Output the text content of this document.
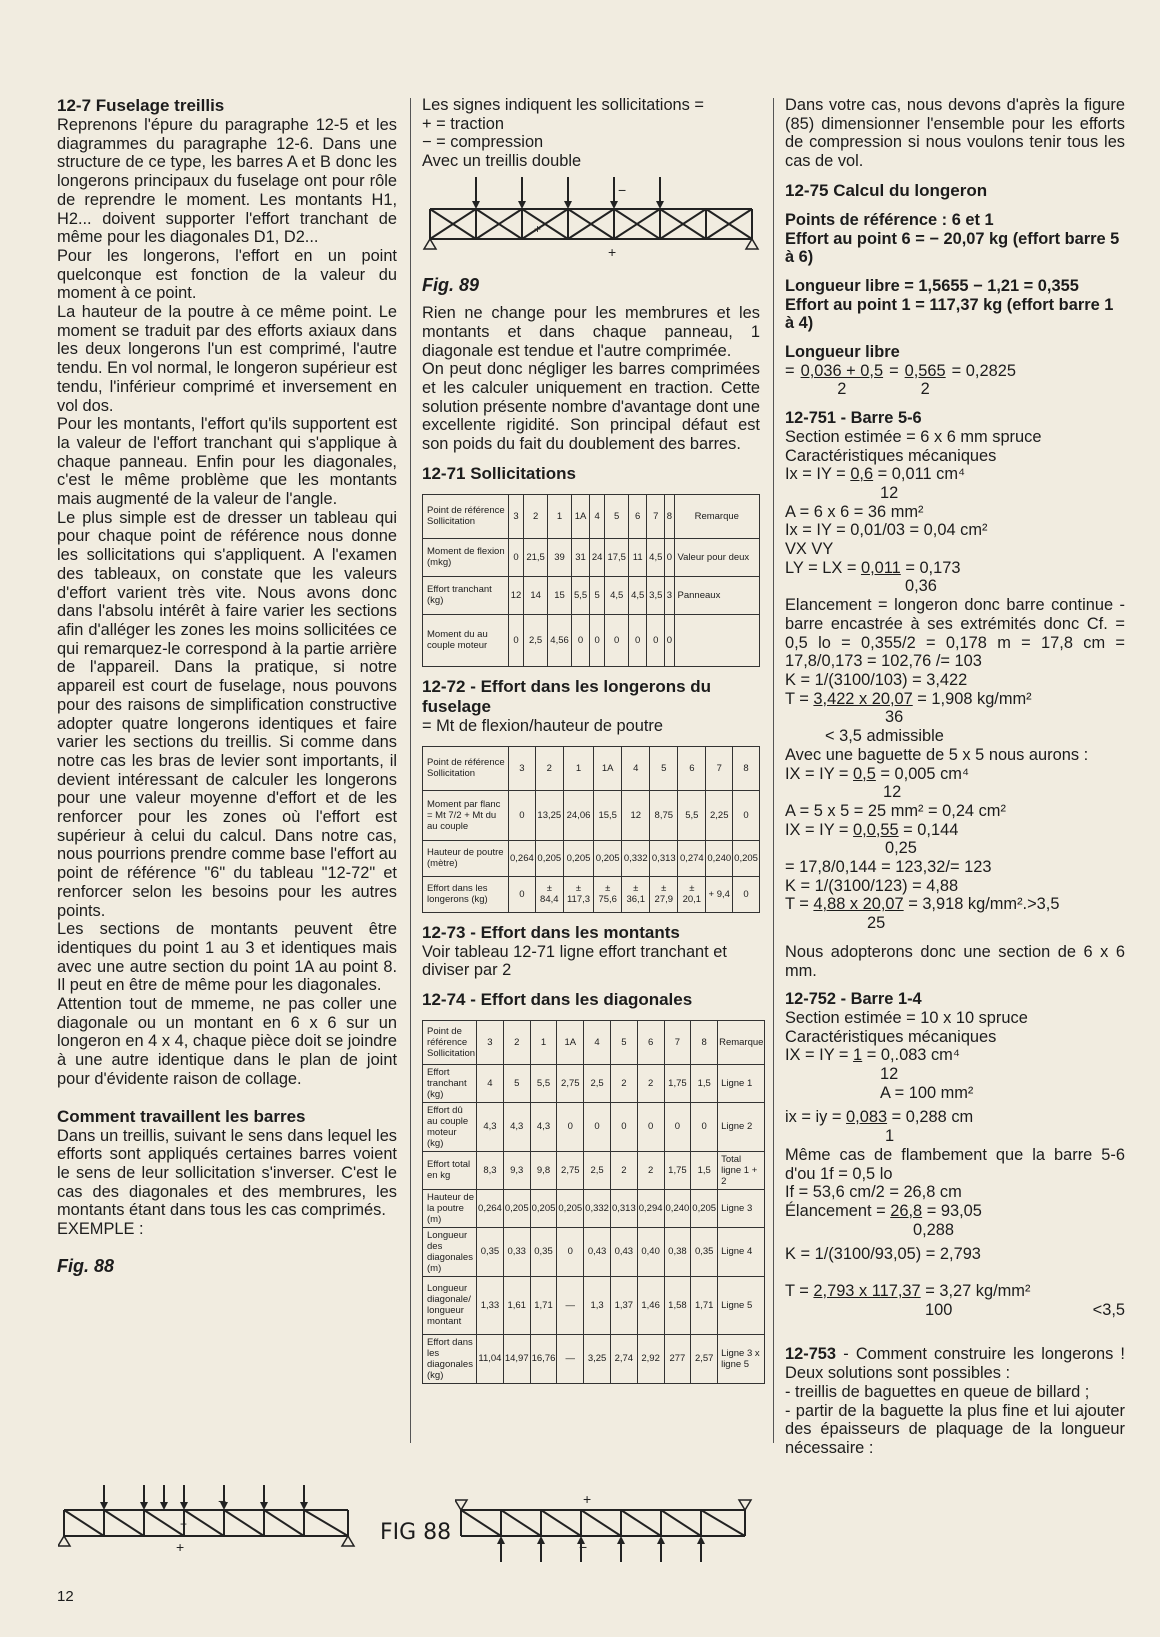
12-7 Fuselage treillis
Reprenons l'épure du paragraphe 12-5 et les diagrammes du paragraphe 12-6. Dans une structure de ce type, les barres A et B donc les longerons principaux du fuselage ont pour rôle de reprendre le moment. Les montants H1, H2... doivent supporter l'effort tranchant de même pour les diagonales D1, D2...
Pour les longerons, l'effort en un point quelconque est fonction de la valeur du moment à ce point.
La hauteur de la poutre à ce même point. Le moment se traduit par des efforts axiaux dans les deux longerons l'un est comprimé, l'autre tendu. En vol normal, le longeron supérieur est tendu, l'inférieur comprimé et inversement en vol dos.
Pour les montants, l'effort qu'ils supportent est la valeur de l'effort tranchant qui s'applique à chaque panneau. Enfin pour les diagonales, c'est le même problème que les montants mais augmenté de la valeur de l'angle.
Le plus simple est de dresser un tableau qui pour chaque point de référence nous donne les sollicitations qui s'appliquent. A l'examen des tableaux, on constate que les valeurs d'effort varient très vite. Nous avons donc dans l'absolu intérêt à faire varier les sections afin d'alléger les zones les moins sollicitées ce qui remarquez-le correspond à la partie arrière de l'appareil. Dans la pratique, si notre appareil est court de fuselage, nous pouvons pour des raisons de simplification constructive adopter quatre longerons identiques et faire varier les sections du treillis. Si comme dans notre cas les bras de levier sont importants, il devient intéressant de calculer les longerons pour une valeur moyenne d'effort et de les renforcer pour les zones où l'effort est supérieur à celui du calcul. Dans notre cas, nous pourrions prendre comme base l'effort au point de référence "6" du tableau "12-72" et renforcer selon les besoins pour les autres points.
Les sections de montants peuvent être identiques du point 1 au 3 et identiques mais avec une autre section du point 1A au point 8. Il peut en être de même pour les diagonales.
Attention tout de mmeme, ne pas coller une diagonale ou un montant en 6 x 6 sur un longeron en 4 x 4, chaque pièce doit se joindre à une autre identique dans le plan de joint pour d'évidente raison de collage.
Comment travaillent les barres
Dans un treillis, suivant le sens dans lequel les efforts sont appliqués certaines barres voient le sens de leur sollicitation s'inverser. C'est le cas des diagonales et des membrures, les montants étant dans tous les cas comprimés.
EXEMPLE :
Fig. 88
+
−
+	FIG 88
+
−
Les signes indiquent les sollicitations =
+ = traction
− = compression
Avec un treillis double
+
−
+
Fig. 89
Rien ne change pour les membrures et les montants et dans chaque panneau, 1 diagonale est tendue et l'autre comprimée.
On peut donc négliger les barres comprimées et les calculer uniquement en traction. Cette solution présente nombre d'avantage dont une excellente rigidité. Son principal défaut est son poids du fait du doublement des barres.
12-71 Sollicitations
Point de référence Sollicitation	3	2	1	1A	4	5	6	7	8	Remarque
Moment de flexion (mkg)	0	21,5	39	31	24	17,5	11	4,5	0	Valeur pour deux
Effort tranchant (kg)	12	14	15	5,5	5	4,5	4,5	3,5	3	Panneaux
Moment du au couple moteur	0	2,5	4,56	0	0	0	0	0	0	
12-72 - Effort dans les longerons du fuselage
= Mt de flexion/hauteur de poutre
Point de référence Sollicitation	3	2	1	1A	4	5	6	7	8
Moment par flanc = Mt 7/2 + Mt du au couple	0	13,25	24,06	15,5	12	8,75	5,5	2,25	0
Hauteur de poutre (mètre)	0,264	0,205	0,205	0,205	0,332	0,313	0,274	0,240	0,205
Effort dans les longerons (kg)	0	± 84,4	± 117,3	± 75,6	± 36,1	± 27,9	± 20,1	+ 9,4	0
12-73 - Effort dans les montants
Voir tableau 12-71 ligne effort tranchant et diviser par 2
12-74 - Effort dans les diagonales
Point de référence Sollicitation	3	2	1	1A	4	5	6	7	8	Remarque
Effort tranchant (kg)	4	5	5,5	2,75	2,5	2	2	1,75	1,5	Ligne 1
Effort dû au couple moteur (kg)	4,3	4,3	4,3	0	0	0	0	0	0	Ligne 2
Effort total en kg	8,3	9,3	9,8	2,75	2,5	2	2	1,75	1,5	Total ligne 1 + 2
Hauteur de la poutre (m)	0,264	0,205	0,205	0,205	0,332	0,313	0,294	0,240	0,205	Ligne 3
Longueur des diagonales (m)	0,35	0,33	0,35	0	0,43	0,43	0,40	0,38	0,35	Ligne 4
Longueur diagonale/ longueur montant	1,33	1,61	1,71	—	1,3	1,37	1,46	1,58	1,71	Ligne 5
Effort dans les diagonales (kg)	11,04	14,97	16,76	—	3,25	2,74	2,92	277	2,57	Ligne 3 x ligne 5
Dans votre cas, nous devons d'après la figure (85) dimensionner l'ensemble pour les efforts de compression si nous voulons tenir tous les cas de vol.
12-75 Calcul du longeron
Points de référence : 6 et 1
Effort au point 6 = − 20,07 kg (effort barre 5 à 6)
Longueur libre = 1,5655 − 1,21 = 0,355
Effort au point 1 = 117,37 kg (effort barre 1 à 4)
Longueur libre
= $\frac{0,036 + 0,5}{2} = \frac{0,565}{2} = 0,2825$
12-751 - Barre 5-6
Section estimée = 6 x 6 mm spruce
Caractéristiques mécaniques
Ix = IY = 0,6 = 0,011 cm⁴
12
A = 6 x 6 = 36 mm²
Ix = IY = 0,01/03 = 0,04 cm²
VX VY
LY = LX = 0,011 = 0,173
0,36
Elancement = longeron donc barre continue - barre encastrée à ses extrémités donc Cf. = 0,5 lo = 0,355/2 = 0,178 m = 17,8 cm = 17,8/0,173 = 102,76 /= 103
K = 1/(3100/103) = 3,422
T = 3,422 x 20,07 = 1,908 kg/mm²
36
< 3,5 admissible
Avec une baguette de 5 x 5 nous aurons :
IX = IY = 0,5 = 0,005 cm⁴
12
A = 5 x 5 = 25 mm² = 0,24 cm²
IX = IY = 0,0,55 = 0,144
0,25
= 17,8/0,144 = 123,32/= 123
K = 1/(3100/123) = 4,88
T = 4,88 x 20,07 = 3,918 kg/mm².>3,5
25
Nous adopterons donc une section de 6 x 6 mm.
12-752 - Barre 1-4
Section estimée = 10 x 10 spruce
Caractéristiques mécaniques
IX = IY = 1 = 0,.083 cm⁴
12
A = 100 mm²
ix = iy = 0,083 = 0,288 cm
1
Même cas de flambement que la barre 5-6 d'ou 1f = 0,5 lo
If = 53,6 cm/2 = 26,8 cm
Élancement = 26,8 = 93,05
0,288
K = 1/(3100/93,05) = 2,793
T = 2,793 x 117,37 = 3,27 kg/mm²
100	<3,5
12-753 - Comment construire les longerons ! Deux solutions sont possibles :
- treillis de baguettes en queue de billard ;
- partir de la baguette la plus fine et lui ajouter des épaisseurs de plaquage de la longueur nécessaire :
12
